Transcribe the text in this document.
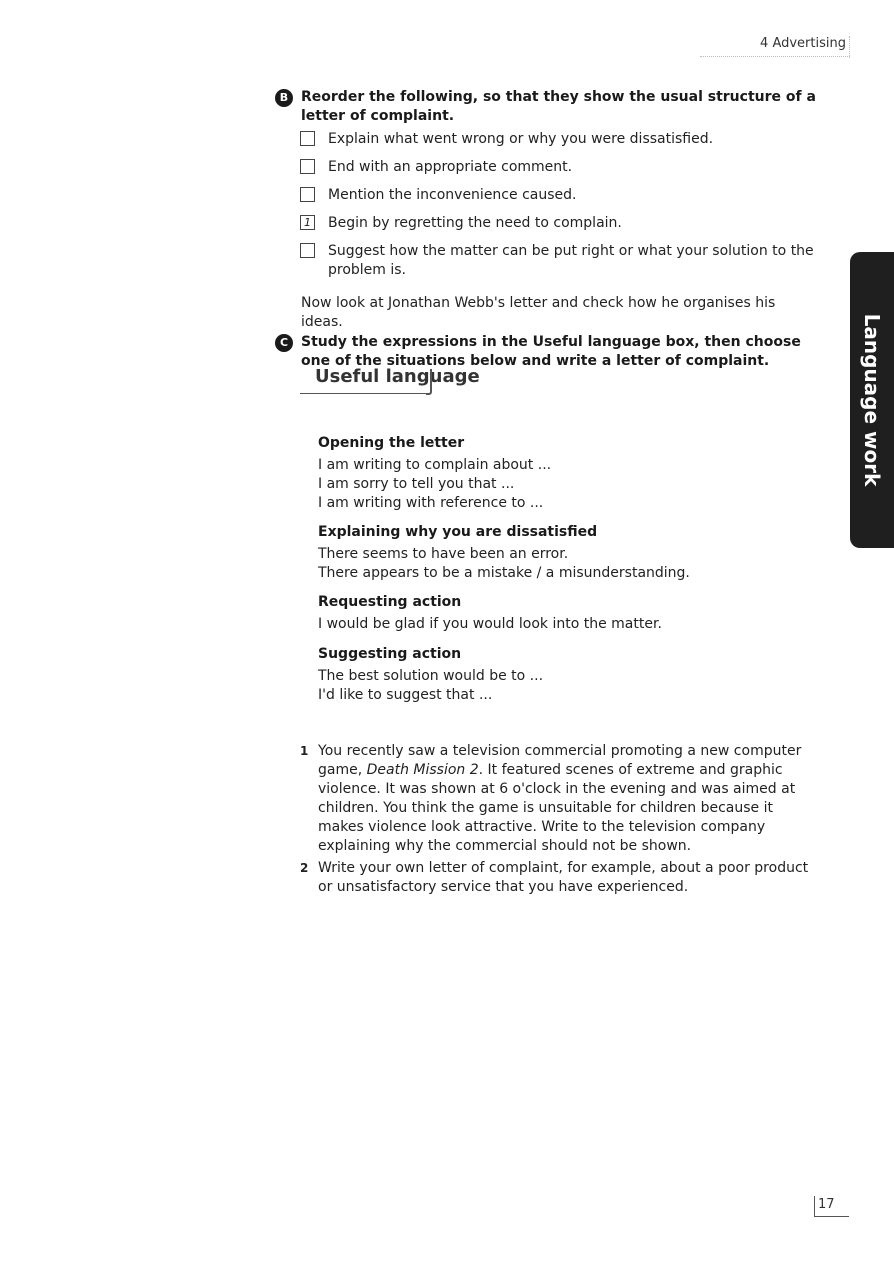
4 Advertising
Language work
B Reorder the following, so that they show the usual structure of a letter of complaint.
Explain what went wrong or why you were dissatisfied.
End with an appropriate comment.
Mention the inconvenience caused.
1 Begin by regretting the need to complain.
Suggest how the matter can be put right or what your solution to the problem is.
Now look at Jonathan Webb's letter and check how he organises his ideas.
C Study the expressions in the Useful language box, then choose one of the situations below and write a letter of complaint.
Useful language
Opening the letter
I am writing to complain about ...
I am sorry to tell you that ...
I am writing with reference to ...
Explaining why you are dissatisfied
There seems to have been an error.
There appears to be a mistake / a misunderstanding.
Requesting action
I would be glad if you would look into the matter.
Suggesting action
The best solution would be to ...
I'd like to suggest that ...
1 You recently saw a television commercial promoting a new computer game, Death Mission 2. It featured scenes of extreme and graphic violence. It was shown at 6 o'clock in the evening and was aimed at children. You think the game is unsuitable for children because it makes violence look attractive. Write to the television company explaining why the commercial should not be shown.
2 Write your own letter of complaint, for example, about a poor product or unsatisfactory service that you have experienced.
17
